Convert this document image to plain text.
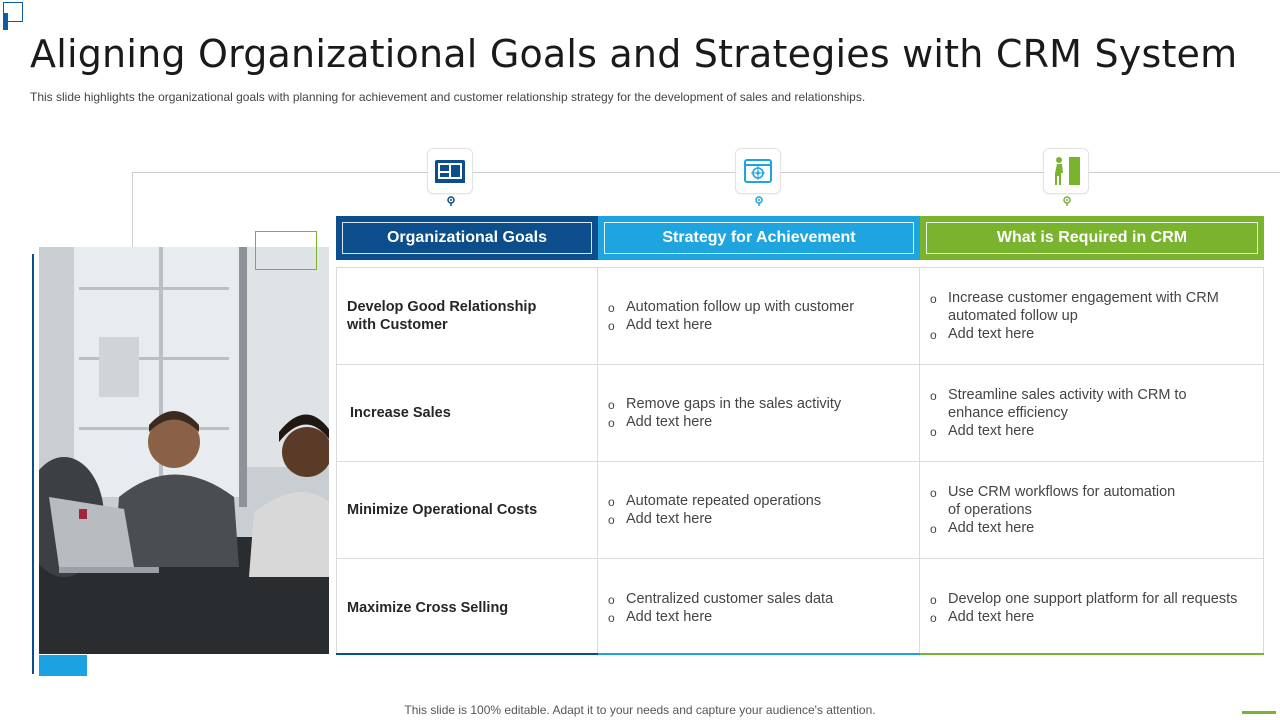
Aligning Organizational Goals and Strategies with CRM System

This slide highlights the organizational goals with planning for achievement and customer relationship strategy for the development of sales and relationships.

Organizational Goals	Strategy for Achievement	What is Required in CRM
Develop Good Relationship with Customer
o Automation follow up with customer
o Add text here
o Increase customer engagement with CRM automated follow up
o Add text here
Increase Sales
o Remove gaps in the sales activity
o Add text here
o Streamline sales activity with CRM to enhance efficiency
o Add text here
Minimize Operational Costs
o Automate repeated operations
o Add text here
o Use CRM workflows for automation of operations
o Add text here
Maximize Cross Selling
o Centralized customer sales data
o Add text here
o Develop one support platform for all requests
o Add text here
This slide is 100% editable. Adapt it to your needs and capture your audience's attention.
